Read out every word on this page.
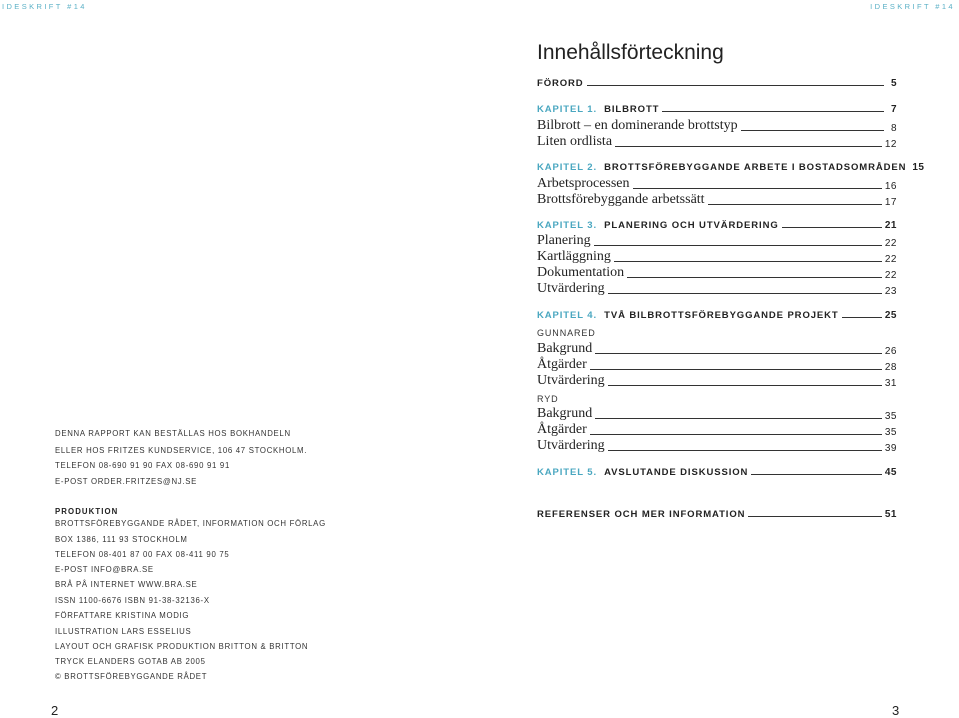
IDESKRIFT #14	IDESKRIFT #14
DENNA RAPPORT KAN BESTÄLLAS HOS BOKHANDELN
ELLER HOS FRITZES KUNDSERVICE, 106 47 STOCKHOLM.
TELEFON 08-690 91 90 FAX 08-690 91 91
E-POST ORDER.FRITZES@NJ.SE
PRODUKTION
BROTTSFÖREBYGGANDE RÅDET, INFORMATION OCH FÖRLAG
BOX 1386, 111 93 STOCKHOLM
TELEFON 08-401 87 00 FAX 08-411 90 75
E-POST INFO@BRA.SE
BRÅ PÅ INTERNET WWW.BRA.SE
ISSN 1100-6676 ISBN 91-38-32136-X
FÖRFATTARE KRISTINA MODIG
ILLUSTRATION LARS ESSELIUS
LAYOUT OCH GRAFISK PRODUKTION BRITTON & BRITTON
TRYCK ELANDERS GOTAB AB 2005
© BROTTSFÖREBYGGANDE RÅDET
2	3
Innehållsförteckning
FÖRORD	5
KAPITEL 1. BILBROTT	7
Bilbrott – en dominerande brottstyp	8
Liten ordlista	12
KAPITEL 2. BROTTSFÖREBYGGANDE ARBETE I BOSTADSOMRÅDEN 15
Arbetsprocessen	16
Brottsförebyggande arbetssätt	17
KAPITEL 3. PLANERING OCH UTVÄRDERING	21
Planering	22
Kartläggning	22
Dokumentation	22
Utvärdering	23
KAPITEL 4. TVÅ BILBROTTSFÖREBYGGANDE PROJEKT	25
GUNNARED
Bakgrund	26
Åtgärder	28
Utvärdering	31
RYD
Bakgrund	35
Åtgärder	35
Utvärdering	39
KAPITEL 5. AVSLUTANDE DISKUSSION	45
REFERENSER OCH MER INFORMATION	51
